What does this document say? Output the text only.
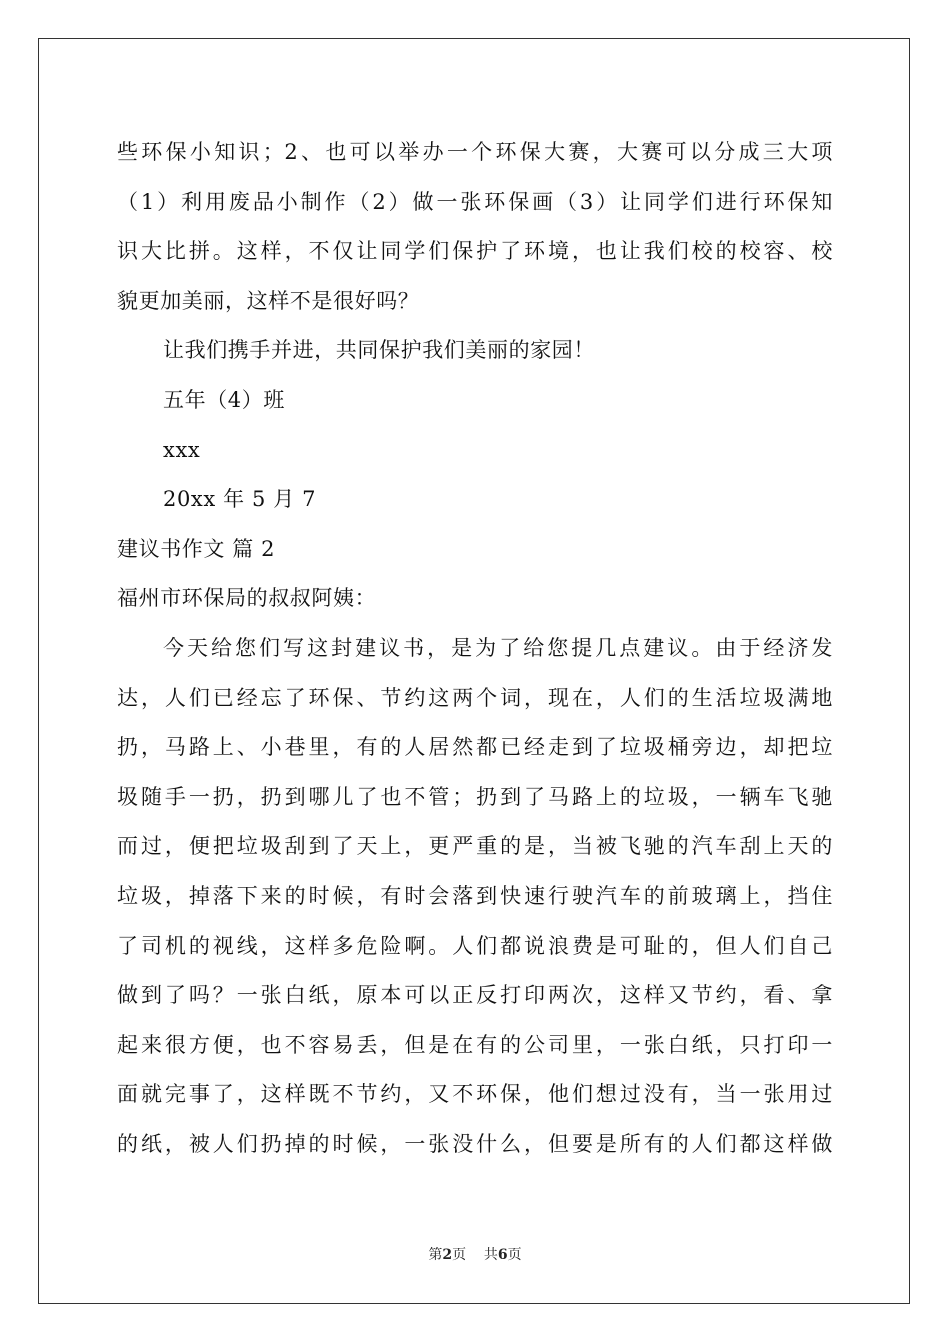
些环保小知识；2、也可以举办一个环保大赛，大赛可以分成三大项
（1）利用废品小制作（2）做一张环保画（3）让同学们进行环保知
识大比拼。这样，不仅让同学们保护了环境，也让我们校的校容、校
貌更加美丽，这样不是很好吗？
让我们携手并进，共同保护我们美丽的家园！
五年（4）班
xxx
20xx 年 5 月 7
建议书作文 篇 2
福州市环保局的叔叔阿姨：
今天给您们写这封建议书，是为了给您提几点建议。由于经济发
达，人们已经忘了环保、节约这两个词，现在，人们的生活垃圾满地
扔，马路上、小巷里，有的人居然都已经走到了垃圾桶旁边，却把垃
圾随手一扔，扔到哪儿了也不管；扔到了马路上的垃圾，一辆车飞驰
而过，便把垃圾刮到了天上，更严重的是，当被飞驰的汽车刮上天的
垃圾，掉落下来的时候，有时会落到快速行驶汽车的前玻璃上，挡住
了司机的视线，这样多危险啊。人们都说浪费是可耻的，但人们自己
做到了吗？一张白纸，原本可以正反打印两次，这样又节约，看、拿
起来很方便，也不容易丢，但是在有的公司里，一张白纸，只打印一
面就完事了，这样既不节约，又不环保，他们想过没有，当一张用过
的纸，被人们扔掉的时候，一张没什么，但要是所有的人们都这样做
第2页 共6页
